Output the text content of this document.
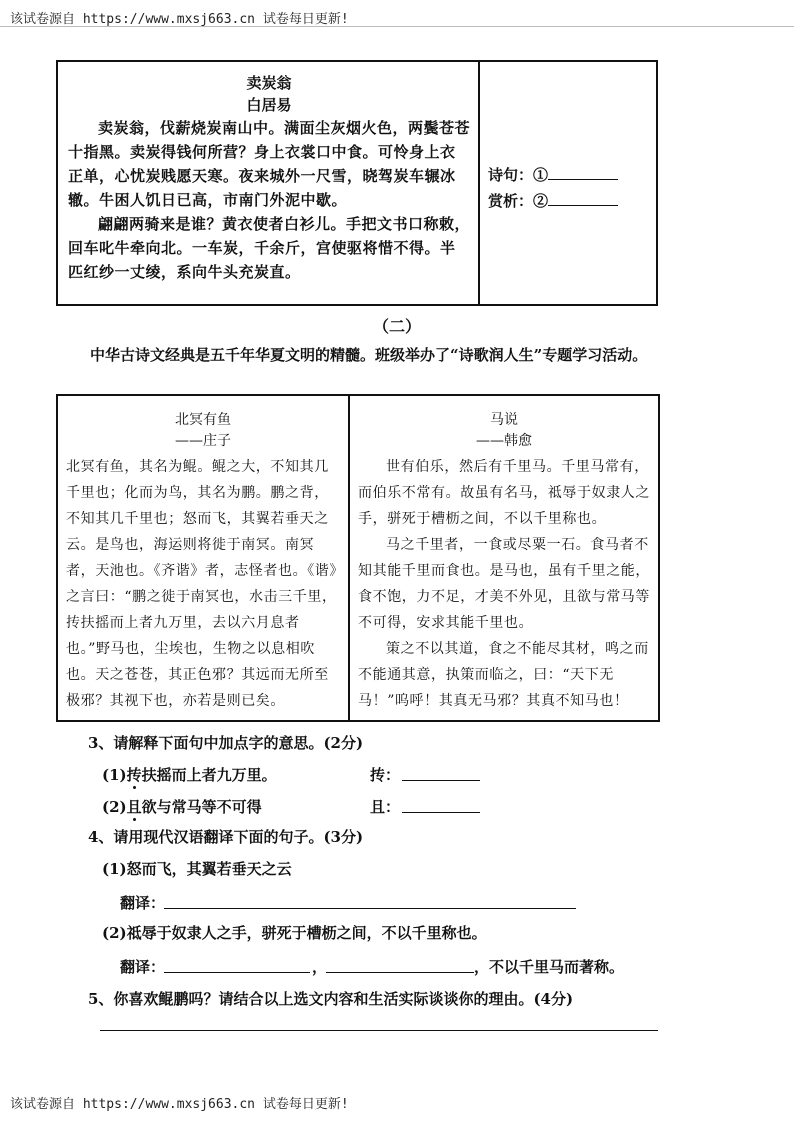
该试卷源自 https://www.mxsj663.cn 试卷每日更新!
卖炭翁
白居易

卖炭翁，伐薪烧炭南山中。满面尘灰烟火色，两鬓苍苍十指黑。卖炭得钱何所营？身上衣裳口中食。可怜身上衣正单，心忧炭贱愿天寒。夜来城外一尺雪，晓驾炭车辗冰辙。牛困人饥日已高，市南门外泥中歇。

翩翩两骑来是谁？黄衣使者白衫儿。手把文书口称敕，回车叱牛牵向北。一车炭，千余斤，宫使驱将惜不得。半匹红纱一丈绫，系向牛头充炭直。

诗句：①
赏析：②
（二）
中华古诗文经典是五千年华夏文明的精髓。班级举办了“诗歌润人生”专题学习活动。
北冥有鱼
——庄子

北冥有鱼，其名为鲲。鲲之大，不知其几千里也；化而为鸟，其名为鹏。鹏之背，不知其几千里也；怒而飞，其翼若垂天之云。是鸟也，海运则将徙于南冥。南冥者，天池也。《齐谐》者，志怪者也。《谐》之言曰：“鹏之徙于南冥也，水击三千里，抟扶摇而上者九万里，去以六月息者也。”野马也，尘埃也，生物之以息相吹也。天之苍苍，其正色邪？其远而无所至极邪？其视下也，亦若是则已矣。

马说
——韩愈

世有伯乐，然后有千里马。千里马常有，而伯乐不常有。故虽有名马，祗辱于奴隶人之手，骈死于槽枥之间，不以千里称也。

马之千里者，一食或尽粟一石。食马者不知其能千里而食也。是马也，虽有千里之能，食不饱，力不足，才美不外见，且欲与常马等不可得，安求其能千里也。

策之不以其道，食之不能尽其材，鸣之而不能通其意，执策而临之，曰：“天下无马！”呜呼！其真无马邪？其真不知马也！

3、请解释下面句中加点字的意思。(2分)
(1)抟扶摇而上者九万里。	抟：
(2)且欲与常马等不可得	且：
4、请用现代汉语翻译下面的句子。(3分)
(1)怒而飞，其翼若垂天之云
翻译：
(2)祗辱于奴隶人之手，骈死于槽枥之间，不以千里称也。
翻译：	，	，不以千里马而著称。
5、你喜欢鲲鹏吗？请结合以上选文内容和生活实际谈谈你的理由。(4分)
该试卷源自 https://www.mxsj663.cn 试卷每日更新!
